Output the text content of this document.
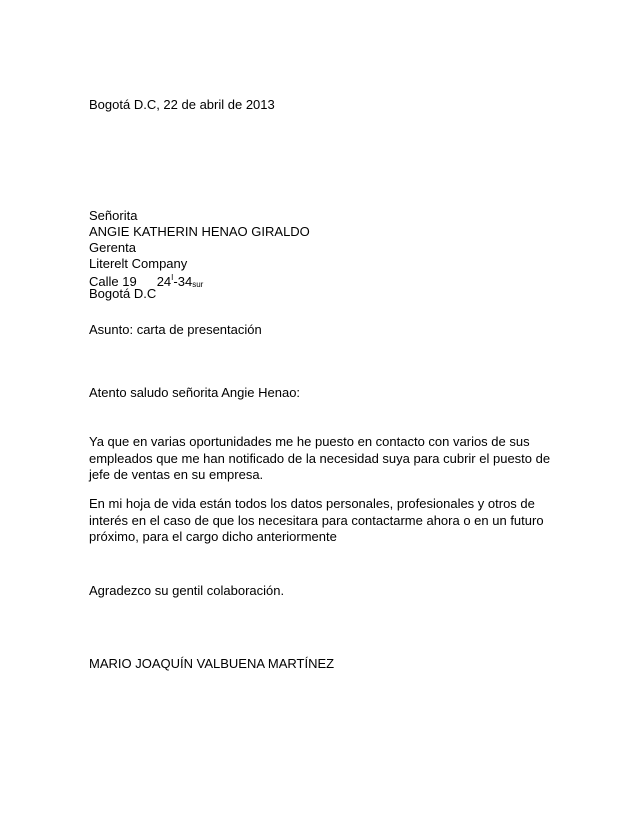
Bogotá D.C, 22 de abril de 2013
Señorita
ANGIE KATHERIN HENAO GIRALDO
Gerenta
Literelt Company
Calle 19 $24^I-34_{sur}$
Bogotá D.C
Asunto: carta de presentación
Atento saludo señorita Angie Henao:
Ya que en varias oportunidades me he puesto en contacto con varios de sus
empleados que me han notificado de la necesidad suya para cubrir el puesto de
jefe de ventas en su empresa.
En mi hoja de vida están todos los datos personales, profesionales y otros de
interés en el caso de que los necesitara para contactarme ahora o en un futuro
próximo, para el cargo dicho anteriormente
Agradezco su gentil colaboración.
MARIO JOAQUÍN VALBUENA MARTÍNEZ
